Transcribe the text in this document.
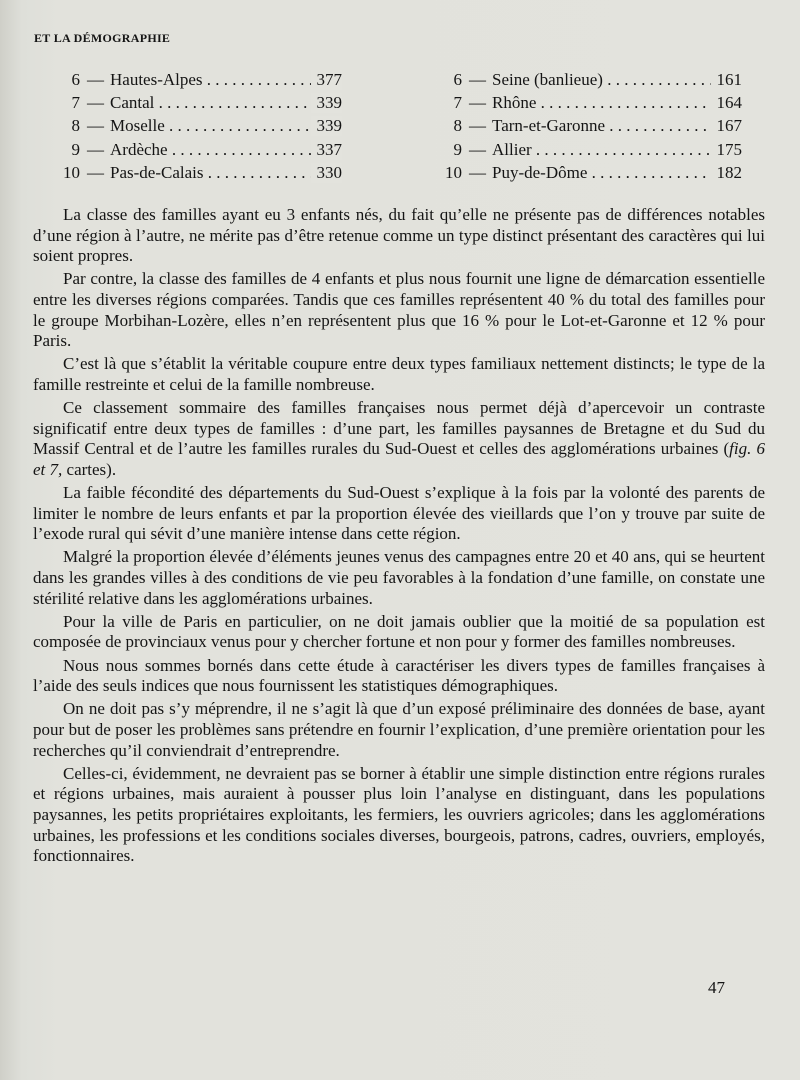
ET LA DÉMOGRAPHIE
6 — Hautes-Alpes . . .	377
7 — Cantal . . .	339
8 — Moselle . . .	339
9 — Ardèche . . .	337
10 — Pas-de-Calais . . .	330
6 — Seine (banlieue) . . .	161
7 — Rhône . . .	164
8 — Tarn-et-Garonne . . .	167
9 — Allier . . .	175
10 — Puy-de-Dôme . . .	182

La classe des familles ayant eu 3 enfants nés, du fait qu’elle ne présente pas de différences notables d’une région à l’autre, ne mérite pas d’être retenue comme un type distinct présentant des caractères qui lui soient propres.

Par contre, la classe des familles de 4 enfants et plus nous fournit une ligne de démarcation essentielle entre les diverses régions comparées. Tandis que ces familles représentent 40 % du total des familles pour le groupe Morbihan-Lozère, elles n’en représentent plus que 16 % pour le Lot-et-Garonne et 12 % pour Paris.

C’est là que s’établit la véritable coupure entre deux types familiaux nettement distincts; le type de la famille restreinte et celui de la famille nombreuse.

Ce classement sommaire des familles françaises nous permet déjà d’apercevoir un contraste significatif entre deux types de familles : d’une part, les familles paysannes de Bretagne et du Sud du Massif Central et de l’autre les familles rurales du Sud-Ouest et celles des agglomérations urbaines (fig. 6 et 7, cartes).

La faible fécondité des départements du Sud-Ouest s’explique à la fois par la volonté des parents de limiter le nombre de leurs enfants et par la proportion élevée des vieillards que l’on y trouve par suite de l’exode rural qui sévit d’une manière intense dans cette région.

Malgré la proportion élevée d’éléments jeunes venus des campagnes entre 20 et 40 ans, qui se heurtent dans les grandes villes à des conditions de vie peu favorables à la fondation d’une famille, on constate une stérilité relative dans les agglomérations urbaines.

Pour la ville de Paris en particulier, on ne doit jamais oublier que la moitié de sa population est composée de provinciaux venus pour y chercher fortune et non pour y former des familles nombreuses.

Nous nous sommes bornés dans cette étude à caractériser les divers types de familles françaises à l’aide des seuls indices que nous fournissent les statistiques démographiques.

On ne doit pas s’y méprendre, il ne s’agit là que d’un exposé préliminaire des données de base, ayant pour but de poser les problèmes sans prétendre en fournir l’explication, d’une première orientation pour les recherches qu’il conviendrait d’entreprendre.

Celles-ci, évidemment, ne devraient pas se borner à établir une simple distinction entre régions rurales et régions urbaines, mais auraient à pousser plus loin l’analyse en distinguant, dans les populations paysannes, les petits propriétaires exploitants, les fermiers, les ouvriers agricoles; dans les agglomérations urbaines, les professions et les conditions sociales diverses, bourgeois, patrons, cadres, ouvriers, employés, fonctionnaires.

47
